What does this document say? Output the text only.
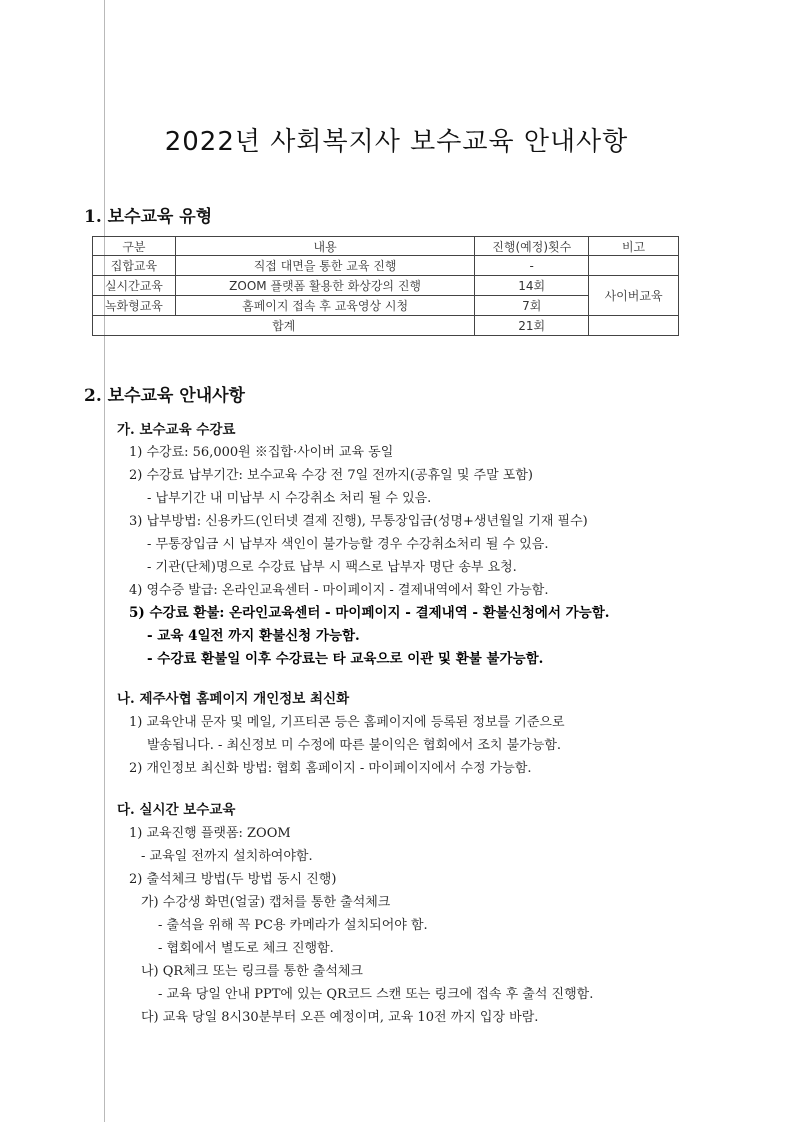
2022년 사회복지사 보수교육 안내사항
1. 보수교육 유형
구분	내용	진행(예정)횟수	비고
집합교육	직접 대면을 통한 교육 진행	-	
실시간교육	ZOOM 플랫폼 활용한 화상강의 진행	14회	사이버교육
녹화형교육	홈페이지 접속 후 교육영상 시청	7회	
합계		21회	
2. 보수교육 안내사항
가. 보수교육 수강료
1) 수강료: 56,000원 ※집합·사이버 교육 동일
2) 수강료 납부기간: 보수교육 수강 전 7일 전까지(공휴일 및 주말 포함)
- 납부기간 내 미납부 시 수강취소 처리 될 수 있음.
3) 납부방법: 신용카드(인터넷 결제 진행), 무통장입금(성명+생년월일 기재 필수)
- 무통장입금 시 납부자 색인이 불가능할 경우 수강취소처리 될 수 있음.
- 기관(단체)명으로 수강료 납부 시 팩스로 납부자 명단 송부 요청.
4) 영수증 발급: 온라인교육센터 - 마이페이지 - 결제내역에서 확인 가능함.
5) 수강료 환불: 온라인교육센터 - 마이페이지 - 결제내역 - 환불신청에서 가능함.
- 교육 4일전 까지 환불신청 가능함.
- 수강료 환불일 이후 수강료는 타 교육으로 이관 및 환불 불가능함.
나. 제주사협 홈페이지 개인정보 최신화
1) 교육안내 문자 및 메일, 기프티콘 등은 홈페이지에 등록된 정보를 기준으로
발송됩니다. - 최신정보 미 수정에 따른 불이익은 협회에서 조치 불가능함.
2) 개인정보 최신화 방법: 협회 홈페이지 - 마이페이지에서 수정 가능함.
다. 실시간 보수교육
1) 교육진행 플랫폼: ZOOM
- 교육일 전까지 설치하여야함.
2) 출석체크 방법(두 방법 동시 진행)
가) 수강생 화면(얼굴) 캡처를 통한 출석체크
- 출석을 위해 꼭 PC용 카메라가 설치되어야 함.
- 협회에서 별도로 체크 진행함.
나) QR체크 또는 링크를 통한 출석체크
- 교육 당일 안내 PPT에 있는 QR코드 스캔 또는 링크에 접속 후 출석 진행함.
다) 교육 당일 8시30분부터 오픈 예정이며, 교육 10전 까지 입장 바람.
